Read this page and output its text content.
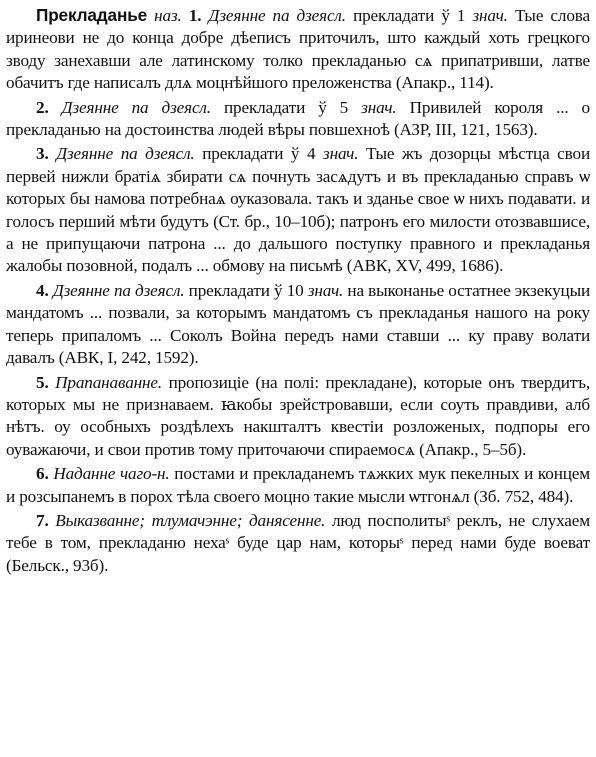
Прекладанье наз. 1. Дзеянне па дзеясл. прекладати ў 1 знач. Тые слова иринеови не до конца добре дѣеписъ приточилъ, што каждый хоть грецкого зводу занехавши але латинскому толко прекладанью сѧ припатривши, латве обачитъ где написалъ длѧ моцнѣйшого преложенства (Апакр., 114).

2. Дзеянне па дзеясл. прекладати ў 5 знач. Привилей короля ... о прекладанью на достоинства людей вѣры повшехноѣ (АЗР, III, 121, 1563).

3. Дзеянне па дзеясл. прекладати ў 4 знач. Тые жъ дозорцы мѣстца свои первей нижли братiѧ збирати сѧ почнуть засѧдутъ и въ прекладанью справъ ѡ которых бы намова потребнаѧ оуказовала. такъ и зданье свое ѡ нихъ подавати. и голосъ перший мѣти будутъ (Ст. бр., 10–10б); патронъ его милости отозвавшисе, а не припущаючи патрона ... до дальшого поступку правного и прекладанья жалобы позовной, подалъ ... обмову на письмѣ (АВК, XV, 499, 1686).

4. Дзеянне па дзеясл. прекладати ў 10 знач. на выконанье остатнее экзекуцыи мандатомъ ... позвали, за которымъ мандатомъ съ прекладанья нашого на року теперь припаломъ ... Соколъ Война передъ нами ставши ... ку праву волати давалъ (АВК, I, 242, 1592).

5. Прапанаванне. пропозицiе (на полi: прекладане), которые онъ твердитъ, которых мы не признаваем. ꙗкобы зрейстровавши, если соуть правдиви, алб нѣтъ. оу особныхъ роздѣлехъ накшталтъ квестiи розложеных, подпоры его оуважаючи, и свои против тому приточаючи спираемосѧ (Апакр., 5–5б).

6. Наданне чаго-н. постами и прекладанемъ тѧжких мук пекелных и концем и розсыпанемъ в порох тѣла своего моцно такие мысли ѡтгонѧл (Зб. 752, 484).

7. Выказванне; тлумачэнне; данясенне. люд посполитыˢ реклъ, не слухаем тебе в том, прекладаню нехаˢ буде цар нам, которыˢ перед нами буде воеват (Бельск., 93б).
